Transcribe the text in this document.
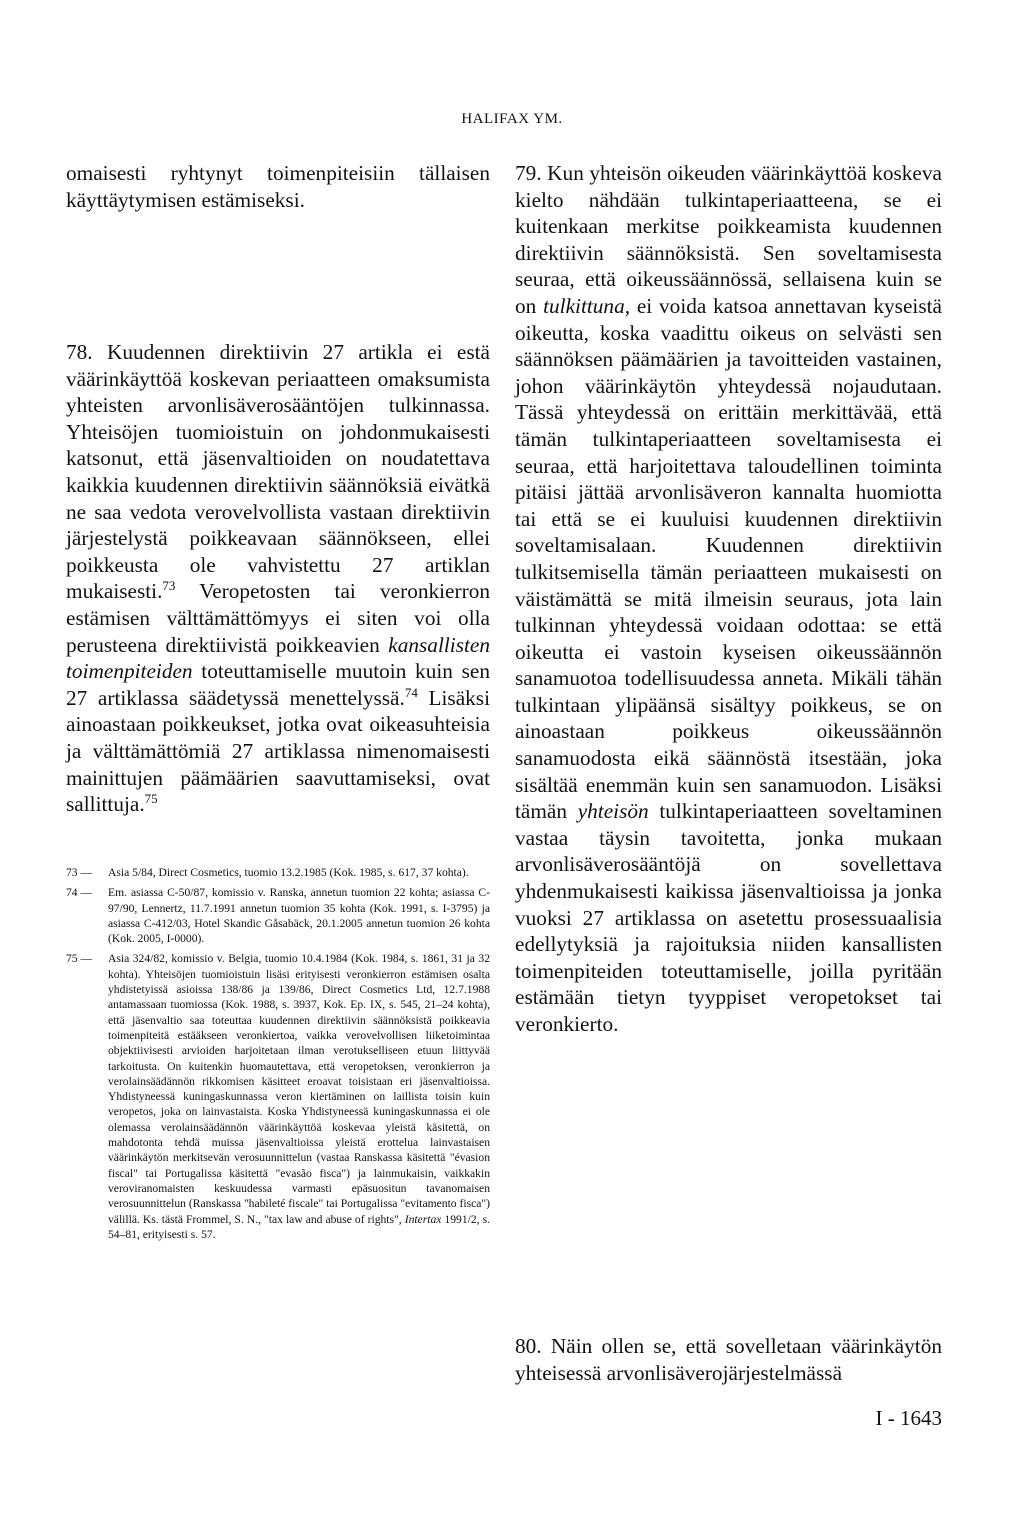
HALIFAX YM.

omaisesti ryhtynyt toimenpiteisiin tällaisen käyttäytymisen estämiseksi.

78. Kuudennen direktiivin 27 artikla ei estä väärinkäyttöä koskevan periaatteen omaksumista yhteisten arvonlisäverosääntöjen tulkinnassa. Yhteisöjen tuomioistuin on johdonmukaisesti katsonut, että jäsenvaltioiden on noudatettava kaikkia kuudennen direktiivin säännöksiä eivätkä ne saa vedota verovelvollista vastaan direktiivin järjestelystä poikkeavaan säännökseen, ellei poikkeusta ole vahvistettu 27 artiklan mukaisesti.$^{73}$ Veropetosten tai veronkierron estämisen välttämättömyys ei siten voi olla perusteena direktiivistä poikkeavien kansallisten toimenpiteiden toteuttamiselle muutoin kuin sen 27 artiklassa säädetyssä menettelyssä.$^{74}$ Lisäksi ainoastaan poikkeukset, jotka ovat oikeasuhteisia ja välttämättömiä 27 artiklassa nimenomaisesti mainittujen päämäärien saavuttamiseksi, ovat sallittuja.$^{75}$

73 —	Asia 5/84, Direct Cosmetics, tuomio 13.2.1985 (Kok. 1985, s. 617, 37 kohta).
74 —	Em. asiassa C-50/87, komissio v. Ranska, annetun tuomion 22 kohta; asiassa C-97/90, Lennertz, 11.7.1991 annetun tuomion 35 kohta (Kok. 1991, s. I-3795) ja asiassa C-412/03, Hotel Skandic Gåsabäck, 20.1.2005 annetun tuomion 26 kohta (Kok. 2005, I-0000).
75 —	Asia 324/82, komissio v. Belgia, tuomio 10.4.1984 (Kok. 1984, s. 1861, 31 ja 32 kohta). Yhteisöjen tuomioistuin lisäsi erityisesti veronkierron estämisen osalta yhdistetyissä asioissa 138/86 ja 139/86, Direct Cosmetics Ltd, 12.7.1988 antamassaan tuomiossa (Kok. 1988, s. 3937, Kok. Ep. IX, s. 545, 21–24 kohta), että jäsenvaltio saa toteuttaa kuudennen direktiivin säännöksistä poikkeavia toimenpiteitä estääkseen veronkiertoa, vaikka verovelvollisen liiketoimintaa objektiivisesti arvioiden harjoitetaan ilman verotukselliseen etuun liittyvää tarkoitusta. On kuitenkin huomautettava, että veropetoksen, veronkierron ja verolainsäädännön rikkomisen käsitteet eroavat toisistaan eri jäsenvaltioissa. Yhdistyneessä kuningaskunnassa veron kiertäminen on laillista toisin kuin veropetos, joka on lainvastaista. Koska Yhdistyneessä kuningaskunnassa ei ole olemassa verolainsäädännön väärinkäyttöä koskevaa yleistä käsitettä, on mahdotonta tehdä muissa jäsenvaltioissa yleistä erottelua lainvastaisen väärinkäytön merkitsevän verosuunnittelun (vastaa Ranskassa käsitettä "évasion fiscal" tai Portugalissa käsitettä "evasão fisca") ja lainmukaisin, vaikkakin veroviranomaisten keskuudessa varmasti epäsuositun tavanomaisen verosuunnittelun (Ranskassa "habileté fiscale" tai Portugalissa "evitamento fisca") välillä. Ks. tästä Frommel, S. N., "tax law and abuse of rights", Intertax 1991/2, s. 54–81, erityisesti s. 57.

79. Kun yhteisön oikeuden väärinkäyttöä koskeva kielto nähdään tulkintaperiaatteena, se ei kuitenkaan merkitse poikkeamista kuudennen direktiivin säännöksistä. Sen soveltamisesta seuraa, että oikeussäännössä, sellaisena kuin se on tulkittuna, ei voida katsoa annettavan kyseistä oikeutta, koska vaadittu oikeus on selvästi sen säännöksen päämäärien ja tavoitteiden vastainen, johon väärinkäytön yhteydessä nojaudutaan. Tässä yhteydessä on erittäin merkittävää, että tämän tulkintaperiaatteen soveltamisesta ei seuraa, että harjoitettava taloudellinen toiminta pitäisi jättää arvonlisäveron kannalta huomiotta tai että se ei kuuluisi kuudennen direktiivin soveltamisalaan. Kuudennen direktiivin tulkitsemisella tämän periaatteen mukaisesti on väistämättä se mitä ilmeisin seuraus, jota lain tulkinnan yhteydessä voidaan odottaa: se että oikeutta ei vastoin kyseisen oikeussäännön sanamuotoa todellisuudessa anneta. Mikäli tähän tulkintaan ylipäänsä sisältyy poikkeus, se on ainoastaan poikkeus oikeussäännön sanamuodosta eikä säännöstä itsestään, joka sisältää enemmän kuin sen sanamuodon. Lisäksi tämän yhteisön tulkintaperiaatteen soveltaminen vastaa täysin tavoitetta, jonka mukaan arvonlisäverosääntöjä on sovellettava yhdenmukaisesti kaikissa jäsenvaltioissa ja jonka vuoksi 27 artiklassa on asetettu prosessuaalisia edellytyksiä ja rajoituksia niiden kansallisten toimenpiteiden toteuttamiselle, joilla pyritään estämään tietyn tyyppiset veropetokset tai veronkierto.

80. Näin ollen se, että sovelletaan väärinkäytön yhteisessä arvonlisäverojärjestelmässä

I - 1643
